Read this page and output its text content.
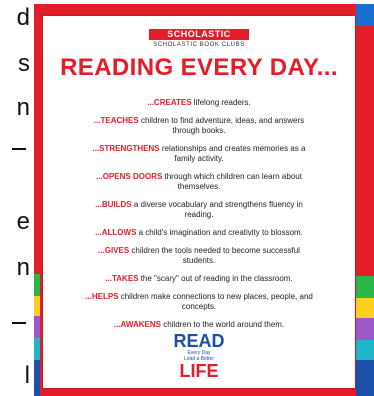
d
s
n
e
n
l
SCHOLASTIC
SCHOLASTIC BOOK CLUBS
READING EVERY DAY...
...CREATES lifelong readers.
...TEACHES children to find adventure, ideas, and answers through books.
...STRENGTHENS relationships and creates memories as a family activity.
...OPENS DOORS through which children can learn about themselves.
...BUILDS a diverse vocabulary and strengthens fluency in reading.
...ALLOWS a child's imagination and creativity to blossom.
...GIVES children the tools needed to become successful students.
...TAKES the "scary" out of reading in the classroom.
...HELPS children make connections to new places, people, and concepts.
...AWAKENS children to the world around them.
READ
Every Day
Lead a Better
LIFE
